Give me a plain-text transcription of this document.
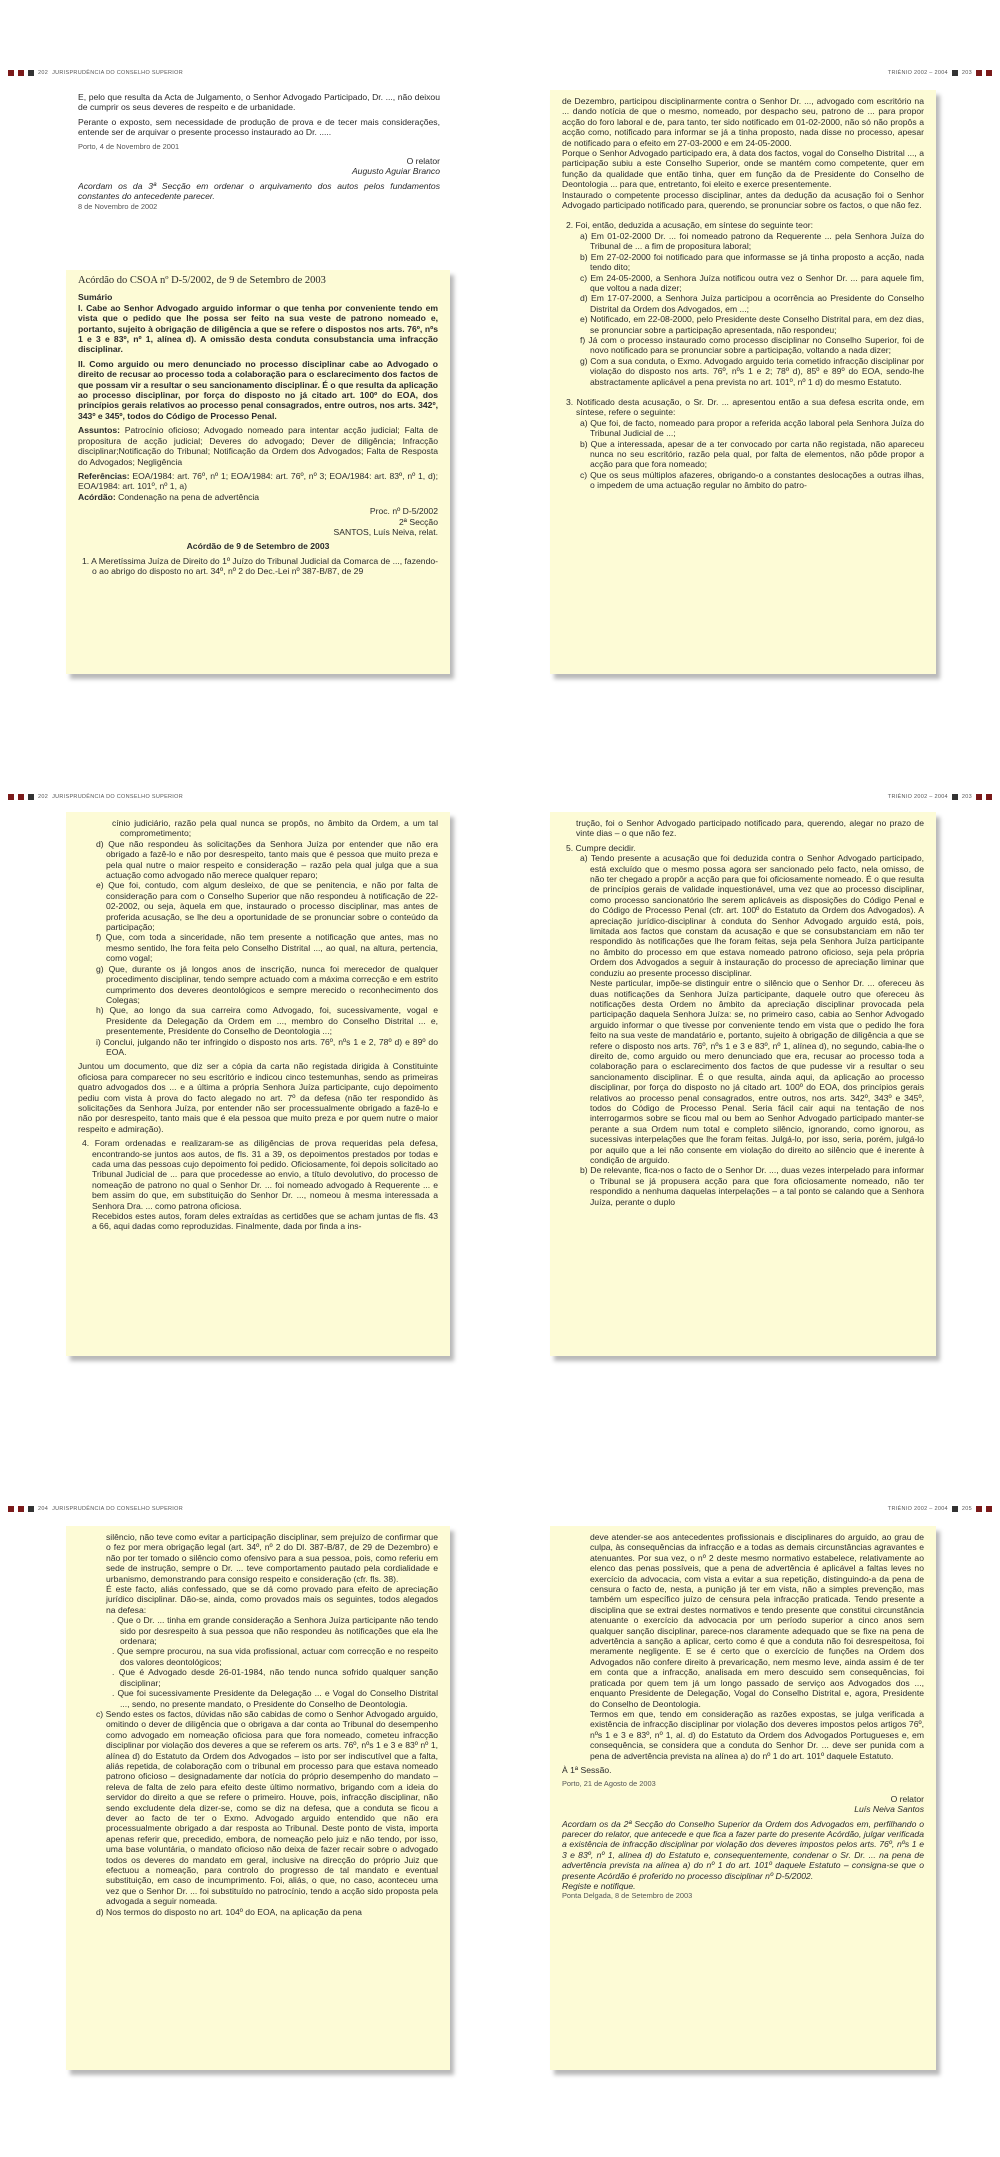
202 JURISPRUDÊNCIA DO CONSELHO SUPERIOR	TRIÉNIO 2002 – 2004	203

E, pelo que resulta da Acta de Julgamento, o Senhor Advogado Participado, Dr. ..., não deixou de cumprir os seus deveres de respeito e de urbanidade.

Perante o exposto, sem necessidade de produção de prova e de tecer mais considerações, entende ser de arquivar o presente processo instaurado ao Dr. .....

Porto, 4 de Novembro de 2001

O relator

Augusto Aguiar Branco

Acordam os da 3ª Secção em ordenar o arquivamento dos autos pelos fundamentos constantes do antecedente parecer.

8 de Novembro de 2002

Acórdão do CSOA nº D-5/2002, de 9 de Setembro de 2003

Sumário

I. Cabe ao Senhor Advogado arguido informar o que tenha por conveniente tendo em vista que o pedido que lhe possa ser feito na sua veste de patrono nomeado e, portanto, sujeito à obrigação de diligência a que se refere o dispostos nos arts. 76º, nºs 1 e 3 e 83º, nº 1, alínea d). A omissão desta conduta consubstancia uma infracção disciplinar.

II. Como arguido ou mero denunciado no processo disciplinar cabe ao Advogado o direito de recusar ao processo toda a colaboração para o esclarecimento dos factos de que possam vir a resultar o seu sancionamento disciplinar. É o que resulta da aplicação ao processo disciplinar, por força do disposto no já citado art. 100º do EOA, dos princípios gerais relativos ao processo penal consagrados, entre outros, nos arts. 342º, 343º e 345º, todos do Código de Processo Penal.

Assuntos: Patrocínio oficioso; Advogado nomeado para intentar acção judicial; Falta de propositura de acção judicial; Deveres do advogado; Dever de diligência; Infracção disciplinar;Notificação do Tribunal; Notificação da Ordem dos Advogados; Falta de Resposta do Advogados; Negligência

Referências: EOA/1984: art. 76º, nº 1; EOA/1984: art. 76º, nº 3; EOA/1984: art. 83º, nº 1, d); EOA/1984: art. 101º, nº 1, a)

Acórdão: Condenação na pena de advertência

Proc. nº D-5/2002

2ª Secção

SANTOS, Luís Neiva, relat.

Acórdão de 9 de Setembro de 2003

1. A Meretíssima Juíza de Direito do 1º Juízo do Tribunal Judicial da Comarca de ..., fazendo-o ao abrigo do disposto no art. 34º, nº 2 do Dec.-Lei nº 387-B/87, de 29

de Dezembro, participou disciplinarmente contra o Senhor Dr. ..., advogado com escritório na ... dando notícia de que o mesmo, nomeado, por despacho seu, patrono de ... para propor acção do foro laboral e de, para tanto, ter sido notificado em 01-02-2000, não só não propôs a acção como, notificado para informar se já a tinha proposto, nada disse no processo, apesar de notificado para o efeito em 27-03-2000 e em 24-05-2000.

Porque o Senhor Advogado participado era, à data dos factos, vogal do Conselho Distrital ..., a participação subiu a este Conselho Superior, onde se mantém como competente, quer em função da qualidade que então tinha, quer em função da de Presidente do Conselho de Deontologia ... para que, entretanto, foi eleito e exerce presentemente.

Instaurado o competente processo disciplinar, antes da dedução da acusação foi o Senhor Advogado participado notificado para, querendo, se pronunciar sobre os factos, o que não fez.

2. Foi, então, deduzida a acusação, em síntese do seguinte teor:

a) Em 01-02-2000 Dr. ... foi nomeado patrono da Requerente ... pela Senhora Juíza do Tribunal de ... a fim de propositura laboral;

b) Em 27-02-2000 foi notificado para que informasse se já tinha proposto a acção, nada tendo dito;

c) Em 24-05-2000, a Senhora Juíza notificou outra vez o Senhor Dr. ... para aquele fim, que voltou a nada dizer;

d) Em 17-07-2000, a Senhora Juíza participou a ocorrência ao Presidente do Conselho Distrital da Ordem dos Advogados, em ...;

e) Notificado, em 22-08-2000, pelo Presidente deste Conselho Distrital para, em dez dias, se pronunciar sobre a participação apresentada, não respondeu;

f) Já com o processo instaurado como processo disciplinar no Conselho Superior, foi de novo notificado para se pronunciar sobre a participação, voltando a nada dizer;

g) Com a sua conduta, o Exmo. Advogado arguido teria cometido infracção disciplinar por violação do disposto nos arts. 76º, nºs 1 e 2; 78º d), 85º e 89º do EOA, sendo-lhe abstractamente aplicável a pena prevista no art. 101º, nº 1 d) do mesmo Estatuto.

3. Notificado desta acusação, o Sr. Dr. ... apresentou então a sua defesa escrita onde, em síntese, refere o seguinte:

a) Que foi, de facto, nomeado para propor a referida acção laboral pela Senhora Juíza do Tribunal Judicial de ...;

b) Que a interessada, apesar de a ter convocado por carta não registada, não apareceu nunca no seu escritório, razão pela qual, por falta de elementos, não pôde propor a acção para que fora nomeado;

c) Que os seus múltiplos afazeres, obrigando-o a constantes deslocações a outras ilhas, o impedem de uma actuação regular no âmbito do patro-

202 JURISPRUDÊNCIA DO CONSELHO SUPERIOR	TRIÉNIO 2002 – 2004	203

cínio judiciário, razão pela qual nunca se propôs, no âmbito da Ordem, a um tal comprometimento;

d) Que não respondeu às solicitações da Senhora Juíza por entender que não era obrigado a fazê-lo e não por desrespeito, tanto mais que é pessoa que muito preza e pela qual nutre o maior respeito e consideração – razão pela qual julga que a sua actuação como advogado não merece qualquer reparo;

e) Que foi, contudo, com algum desleixo, de que se penitencia, e não por falta de consideração para com o Conselho Superior que não respondeu à notificação de 22-02-2002, ou seja, àquela em que, instaurado o processo disciplinar, mas antes de proferida acusação, se lhe deu a oportunidade de se pronunciar sobre o conteúdo da participação;

f) Que, com toda a sinceridade, não tem presente a notificação que antes, mas no mesmo sentido, lhe fora feita pelo Conselho Distrital ..., ao qual, na altura, pertencia, como vogal;

g) Que, durante os já longos anos de inscrição, nunca foi merecedor de qualquer procedimento disciplinar, tendo sempre actuado com a máxima correcção e em estrito cumprimento dos deveres deontológicos e sempre merecido o reconhecimento dos Colegas;

h) Que, ao longo da sua carreira como Advogado, foi, sucessivamente, vogal e Presidente da Delegação da Ordem em ..., membro do Conselho Distrital ... e, presentemente, Presidente do Conselho de Deontologia ...;

i) Conclui, julgando não ter infringido o disposto nos arts. 76º, nºs 1 e 2, 78º d) e 89º do EOA.

Juntou um documento, que diz ser a cópia da carta não registada dirigida à Constituinte oficiosa para comparecer no seu escritório e indicou cinco testemunhas, sendo as primeiras quatro advogados dos ... e a última a própria Senhora Juíza participante, cujo depoimento pediu com vista à prova do facto alegado no art. 7º da defesa (não ter respondido às solicitações da Senhora Juíza, por entender não ser processualmente obrigado a fazê-lo e não por desrespeito, tanto mais que é ela pessoa que muito preza e por quem nutre o maior respeito e admiração).

4. Foram ordenadas e realizaram-se as diligências de prova requeridas pela defesa, encontrando-se juntos aos autos, de fls. 31 a 39, os depoimentos prestados por todas e cada uma das pessoas cujo depoimento foi pedido. Oficiosamente, foi depois solicitado ao Tribunal Judicial de ... para que procedesse ao envio, a título devolutivo, do processo de nomeação de patrono no qual o Senhor Dr. ... foi nomeado advogado à Requerente ... e bem assim do que, em substituição do Senhor Dr. ..., nomeou à mesma interessada a Senhora Dra. ... como patrona oficiosa.

Recebidos estes autos, foram deles extraídas as certidões que se acham juntas de fls. 43 a 66, aqui dadas como reproduzidas. Finalmente, dada por finda a ins-

trução, foi o Senhor Advogado participado notificado para, querendo, alegar no prazo de vinte dias – o que não fez.

5. Cumpre decidir.

a) Tendo presente a acusação que foi deduzida contra o Senhor Advogado participado, está excluído que o mesmo possa agora ser sancionado pelo facto, nela omisso, de não ter chegado a propôr a acção para que foi oficiosamente nomeado. É o que resulta de princípios gerais de validade inquestionável, uma vez que ao processo disciplinar, como processo sancionatório lhe serem aplicáveis as disposições do Código Penal e do Código de Processo Penal (cfr. art. 100º do Estatuto da Ordem dos Advogados). A apreciação jurídico-disciplinar à conduta do Senhor Advogado arguido está, pois, limitada aos factos que constam da acusação e que se consubstanciam em não ter respondido às notificações que lhe foram feitas, seja pela Senhora Juíza participante no âmbito do processo em que estava nomeado patrono oficioso, seja pela própria Ordem dos Advogados a seguir à instauração do processo de apreciação liminar que conduziu ao presente processo disciplinar.

Neste particular, impõe-se distinguir entre o silêncio que o Senhor Dr. ... ofereceu às duas notificações da Senhora Juíza participante, daquele outro que ofereceu às notificações desta Ordem no âmbito da apreciação disciplinar provocada pela participação daquela Senhora Juíza: se, no primeiro caso, cabia ao Senhor Advogado arguido informar o que tivesse por conveniente tendo em vista que o pedido lhe fora feito na sua veste de mandatário e, portanto, sujeito à obrigação de diligência a que se refere o disposto nos arts. 76º, nºs 1 e 3 e 83º, nº 1, alínea d), no segundo, cabia-lhe o direito de, como arguido ou mero denunciado que era, recusar ao processo toda a colaboração para o esclarecimento dos factos de que pudesse vir a resultar o seu sancionamento disciplinar. É o que resulta, ainda aqui, da aplicação ao processo disciplinar, por força do disposto no já citado art. 100º do EOA, dos princípios gerais relativos ao processo penal consagrados, entre outros, nos arts. 342º, 343º e 345º, todos do Código de Processo Penal. Seria fácil cair aqui na tentação de nos interrogarmos sobre se ficou mal ou bem ao Senhor Advogado participado manter-se perante a sua Ordem num total e completo silêncio, ignorando, como ignorou, as sucessivas interpelações que lhe foram feitas. Julgá-lo, por isso, seria, porém, julgá-lo por aquilo que a lei não consente em violação do direito ao silêncio que é inerente à condição de arguido.

b) De relevante, fica-nos o facto de o Senhor Dr. ..., duas vezes interpelado para informar o Tribunal se já propusera acção para que fora oficiosamente nomeado, não ter respondido a nenhuma daquelas interpelações – a tal ponto se calando que a Senhora Juíza, perante o duplo

204 JURISPRUDÊNCIA DO CONSELHO SUPERIOR	TRIÉNIO 2002 – 2004	205

silêncio, não teve como evitar a participação disciplinar, sem prejuízo de confirmar que o fez por mera obrigação legal (art. 34º, nº 2 do Dl. 387-B/87, de 29 de Dezembro) e não por ter tomado o silêncio como ofensivo para a sua pessoa, pois, como referiu em sede de instrução, sempre o Dr. ... teve comportamento pautado pela cordialidade e urbanismo, demonstrando para consigo respeito e consideração (cfr. fls. 38).

É este facto, aliás confessado, que se dá como provado para efeito de apreciação jurídico disciplinar. Dão-se, ainda, como provados mais os seguintes, todos alegados na defesa:

. Que o Dr. ... tinha em grande consideração a Senhora Juíza participante não tendo sido por desrespeito à sua pessoa que não respondeu às notificações que ela lhe ordenara;

. Que sempre procurou, na sua vida profissional, actuar com correcção e no respeito dos valores deontológicos;

. Que é Advogado desde 26-01-1984, não tendo nunca sofrido qualquer sanção disciplinar;

. Que foi sucessivamente Presidente da Delegação ... e Vogal do Conselho Distrital ..., sendo, no presente mandato, o Presidente do Conselho de Deontologia.

c) Sendo estes os factos, dúvidas não são cabidas de como o Senhor Advogado arguido, omitindo o dever de diligência que o obrigava a dar conta ao Tribunal do desempenho como advogado em nomeação oficiosa para que fora nomeado, cometeu infracção disciplinar por violação dos deveres a que se referem os arts. 76º, nºs 1 e 3 e 83º nº 1, alínea d) do Estatuto da Ordem dos Advogados – isto por ser indiscutível que a falta, aliás repetida, de colaboração com o tribunal em processo para que estava nomeado patrono oficioso – designadamente dar notícia do próprio desempenho do mandato – releva de falta de zelo para efeito deste último normativo, brigando com a ideia do servidor do direito a que se refere o primeiro. Houve, pois, infracção disciplinar, não sendo excludente dela dizer-se, como se diz na defesa, que a conduta se ficou a dever ao facto de ter o Exmo. Advogado arguido entendido que não era processualmente obrigado a dar resposta ao Tribunal. Deste ponto de vista, importa apenas referir que, precedido, embora, de nomeação pelo juiz e não tendo, por isso, uma base voluntária, o mandato oficioso não deixa de fazer recair sobre o advogado todos os deveres do mandato em geral, inclusive na direcção do próprio Juiz que efectuou a nomeação, para controlo do progresso de tal mandato e eventual substituição, em caso de incumprimento. Foi, aliás, o que, no caso, aconteceu uma vez que o Senhor Dr. ... foi substituído no patrocínio, tendo a acção sido proposta pela advogada a seguir nomeada.

d) Nos termos do disposto no art. 104º do EOA, na aplicação da pena

deve atender-se aos antecedentes profissionais e disciplinares do arguido, ao grau de culpa, às consequências da infracção e a todas as demais circunstâncias agravantes e atenuantes. Por sua vez, o nº 2 deste mesmo normativo estabelece, relativamente ao elenco das penas possíveis, que a pena de advertência é aplicável a faltas leves no exercício da advocacia, com vista a evitar a sua repetição, distinguindo-a da pena de censura o facto de, nesta, a punição já ter em vista, não a simples prevenção, mas também um específico juízo de censura pela infracção praticada. Tendo presente a disciplina que se extrai destes normativos e tendo presente que constitui circunstância atenuante o exercício da advocacia por um período superior a cinco anos sem qualquer sanção disciplinar, parece-nos claramente adequado que se fixe na pena de advertência a sanção a aplicar, certo como é que a conduta não foi desrespeitosa, foi meramente negligente. E se é certo que o exercício de funções na Ordem dos Advogados não confere direito à prevaricação, nem mesmo leve, ainda assim é de ter em conta que a infracção, analisada em mero descuido sem consequências, foi praticada por quem tem já um longo passado de serviço aos Advogados dos ..., enquanto Presidente de Delegação, Vogal do Conselho Distrital e, agora, Presidente do Conselho de Deontologia.

Termos em que, tendo em consideração as razões expostas, se julga verificada a existência de infracção disciplinar por violação dos deveres impostos pelos artigos 76º, nºs 1 e 3 e 83º, nº 1, al. d) do Estatuto da Ordem dos Advogados Portugueses e, em consequência, se considera que a conduta do Senhor Dr. ... deve ser punida com a pena de advertência prevista na alínea a) do nº 1 do art. 101º daquele Estatuto.

À 1ª Sessão.

Porto, 21 de Agosto de 2003

O relator

Luís Neiva Santos

Acordam os da 2ª Secção do Conselho Superior da Ordem dos Advogados em, perfilhando o parecer do relator, que antecede e que fica a fazer parte do presente Acórdão, julgar verificada a existência de infracção disciplinar por violação dos deveres impostos pelos arts. 76º, nºs 1 e 3 e 83º, nº 1, alínea d) do Estatuto e, consequentemente, condenar o Sr. Dr. ... na pena de advertência prevista na alínea a) do nº 1 do art. 101º daquele Estatuto – consigna-se que o presente Acórdão é proferido no processo disciplinar nº D-5/2002.

Registe e notifique.

Ponta Delgada, 8 de Setembro de 2003
